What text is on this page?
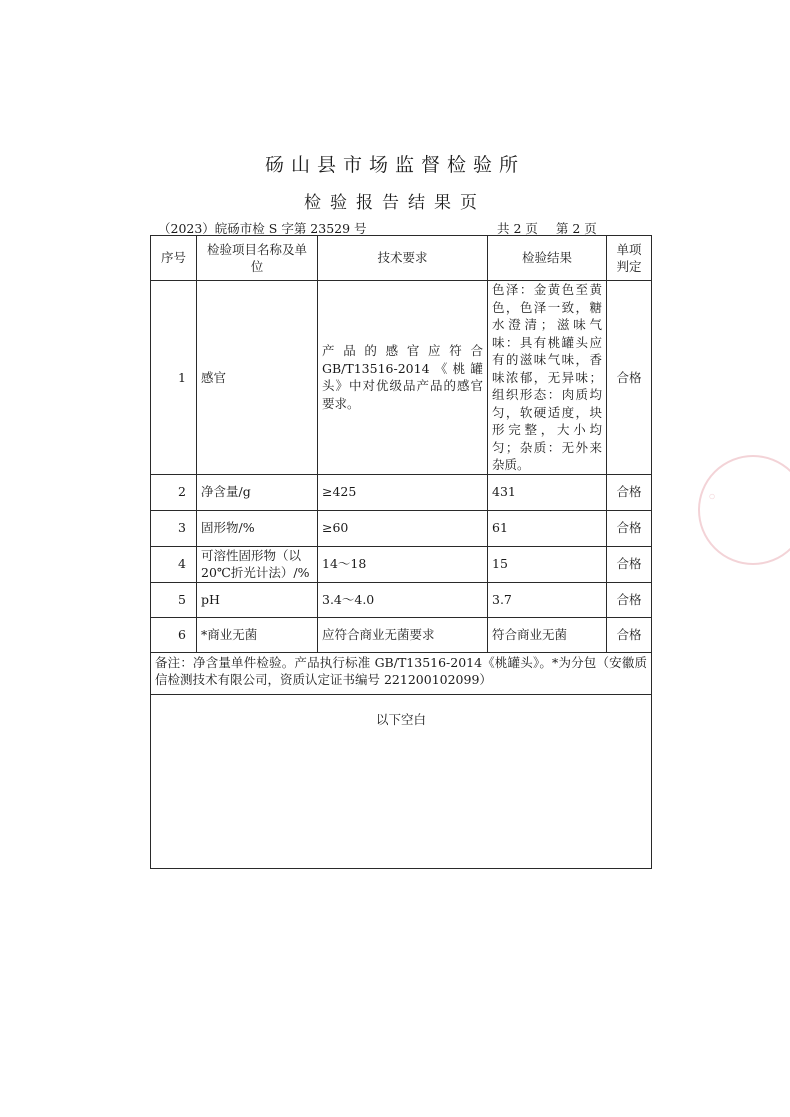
砀山县市场监督检验所
检验报告结果页
（2023）皖砀市检 S 字第 23529 号	共 2 页 第 2 页
序号	检验项目名称及单位	技术要求	检验结果	单项判定
1	感官	产品的感官应符合GB/T13516-2014《桃罐头》中对优级品产品的感官要求。	色泽：金黄色至黄色，色泽一致，糖水澄清；滋味气味：具有桃罐头应有的滋味气味，香味浓郁，无异味；组织形态：肉质均匀，软硬适度，块形完整，大小均匀；杂质：无外来杂质。	合格
2	净含量/g	≥425	431	合格
3	固形物/%	≥60	61	合格
4	可溶性固形物（以20℃折光计法）/%	14～18	15	合格
5	pH	3.4～4.0	3.7	合格
6	*商业无菌	应符合商业无菌要求	符合商业无菌	合格
备注：净含量单件检验。产品执行标准 GB/T13516-2014《桃罐头》。*为分包（安徽质信检测技术有限公司，资质认定证书编号 221200102099）				
以下空白				
◦
